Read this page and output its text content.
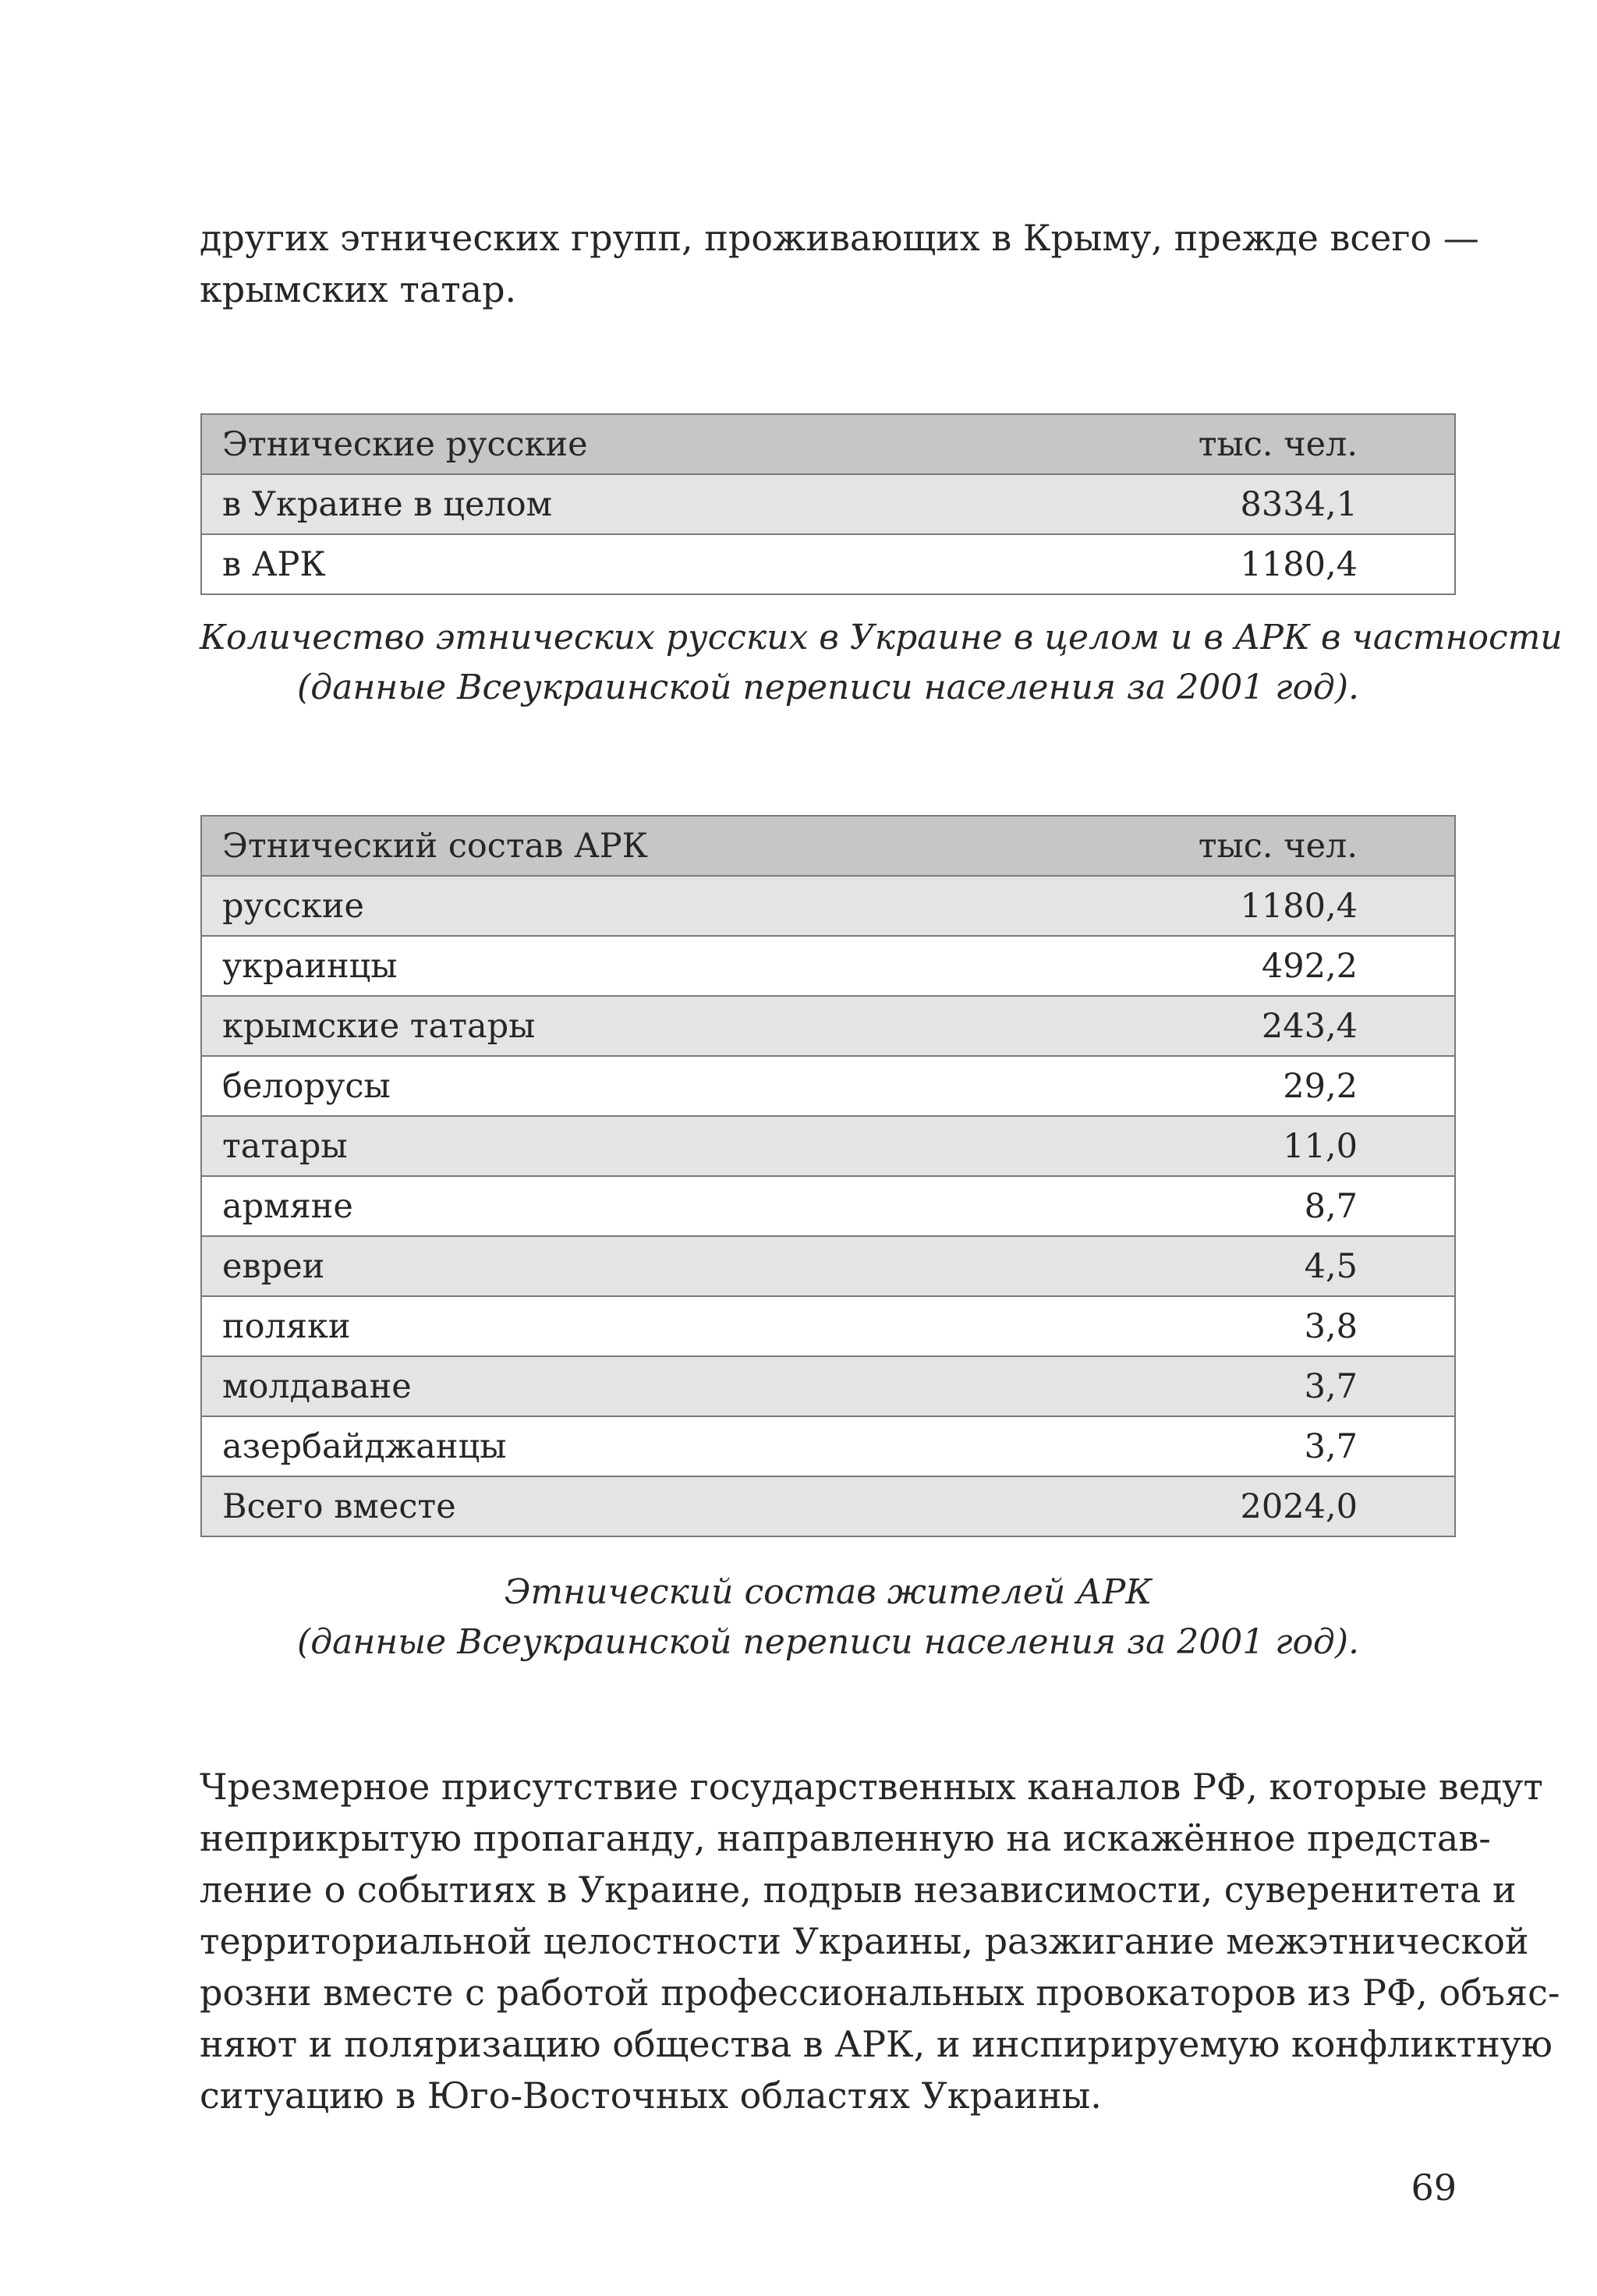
других этнических групп, проживающих в Крыму, прежде всего —
крымских татар.

Этнические русские	тыс. чел.
в Украине в целом	8334,1
в АРК	1180,4

Количество этнических русских в Украине в целом и в АРК в частности
(данные Всеукраинской переписи населения за 2001 год).

Этнический состав АРК	тыс. чел.
русские	1180,4
украинцы	492,2
крымские татары	243,4
белорусы	29,2
татары	11,0
армяне	8,7
евреи	4,5
поляки	3,8
молдаване	3,7
азербайджанцы	3,7
Всего вместе	2024,0

Этнический состав жителей АРК
(данные Всеукраинской переписи населения за 2001 год).

Чрезмерное присутствие государственных каналов РФ, которые ведут
неприкрытую пропаганду, направленную на искажённое представ-
ление о событиях в Украине, подрыв независимости, суверенитета и
территориальной целостности Украины, разжигание межэтнической
розни вместе с работой профессиональных провокаторов из РФ, объяс-
няют и поляризацию общества в АРК, и инспирируемую конфликтную
ситуацию в Юго-Восточных областях Украины.

69
